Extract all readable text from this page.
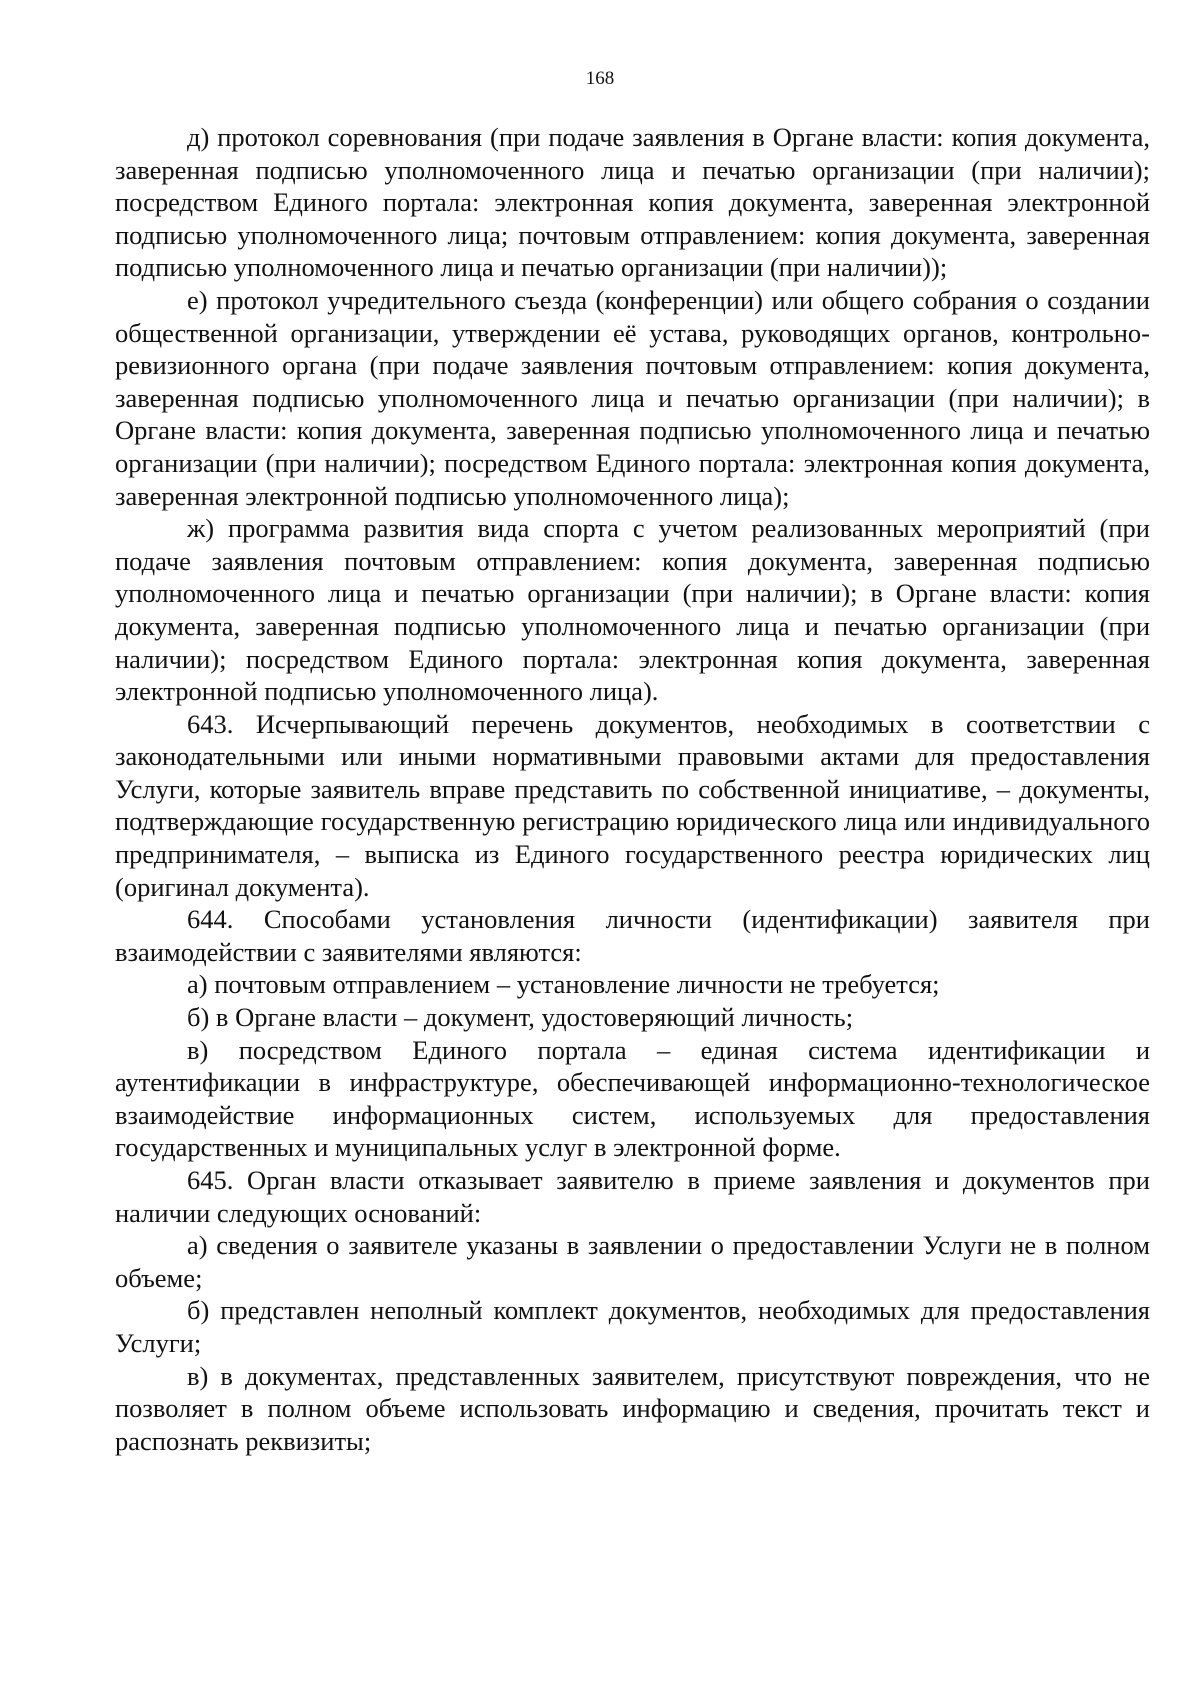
168

д) протокол соревнования (при подаче заявления в Органе власти: копия документа, заверенная подписью уполномоченного лица и печатью организации (при наличии); посредством Единого портала: электронная копия документа, заверенная электронной подписью уполномоченного лица; почтовым отправлением: копия документа, заверенная подписью уполномоченного лица и печатью организации (при наличии));

е) протокол учредительного съезда (конференции) или общего собрания о создании общественной организации, утверждении её устава, руководящих органов, контрольно-ревизионного органа (при подаче заявления почтовым отправлением: копия документа, заверенная подписью уполномоченного лица и печатью организации (при наличии); в Органе власти: копия документа, заверенная подписью уполномоченного лица и печатью организации (при наличии); посредством Единого портала: электронная копия документа, заверенная электронной подписью уполномоченного лица);

ж) программа развития вида спорта с учетом реализованных мероприятий (при подаче заявления почтовым отправлением: копия документа, заверенная подписью уполномоченного лица и печатью организации (при наличии); в Органе власти: копия документа, заверенная подписью уполномоченного лица и печатью организации (при наличии); посредством Единого портала: электронная копия документа, заверенная электронной подписью уполномоченного лица).

643. Исчерпывающий перечень документов, необходимых в соответствии с законодательными или иными нормативными правовыми актами для предоставления Услуги, которые заявитель вправе представить по собственной инициативе, – документы, подтверждающие государственную регистрацию юридического лица или индивидуального предпринимателя, – выписка из Единого государственного реестра юридических лиц (оригинал документа).

644. Способами установления личности (идентификации) заявителя при взаимодействии с заявителями являются:

а) почтовым отправлением – установление личности не требуется;

б) в Органе власти – документ, удостоверяющий личность;

в) посредством Единого портала – единая система идентификации и аутентификации в инфраструктуре, обеспечивающей информационно-технологическое взаимодействие информационных систем, используемых для предоставления государственных и муниципальных услуг в электронной форме.

645. Орган власти отказывает заявителю в приеме заявления и документов при наличии следующих оснований:

а) сведения о заявителе указаны в заявлении о предоставлении Услуги не в полном объеме;

б) представлен неполный комплект документов, необходимых для предоставления Услуги;

в) в документах, представленных заявителем, присутствуют повреждения, что не позволяет в полном объеме использовать информацию и сведения, прочитать текст и распознать реквизиты;
